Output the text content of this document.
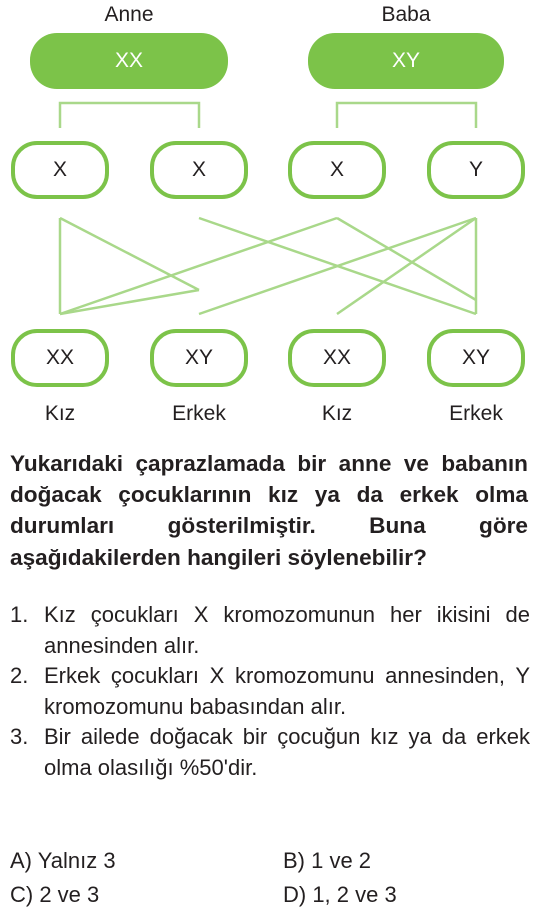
Anne	Baba
XX	XY
X	X	X	Y
XX	XY	XX	XY
Kız	Erkek	Kız	Erkek
Yukarıdaki çaprazlamada bir anne ve babanın doğacak çocuklarının kız ya da erkek olma durumları gösterilmiştir. Buna göre aşağıdakilerden hangileri söylenebilir?
1. Kız çocukları X kromozomunun her ikisini de annesinden alır.
2. Erkek çocukları X kromozomunu annesinden, Y kromozomunu babasından alır.
3. Bir ailede doğacak bir çocuğun kız ya da erkek olma olasılığı %50'dir.
A) Yalnız 3	B) 1 ve 2
C) 2 ve 3	D) 1, 2 ve 3
